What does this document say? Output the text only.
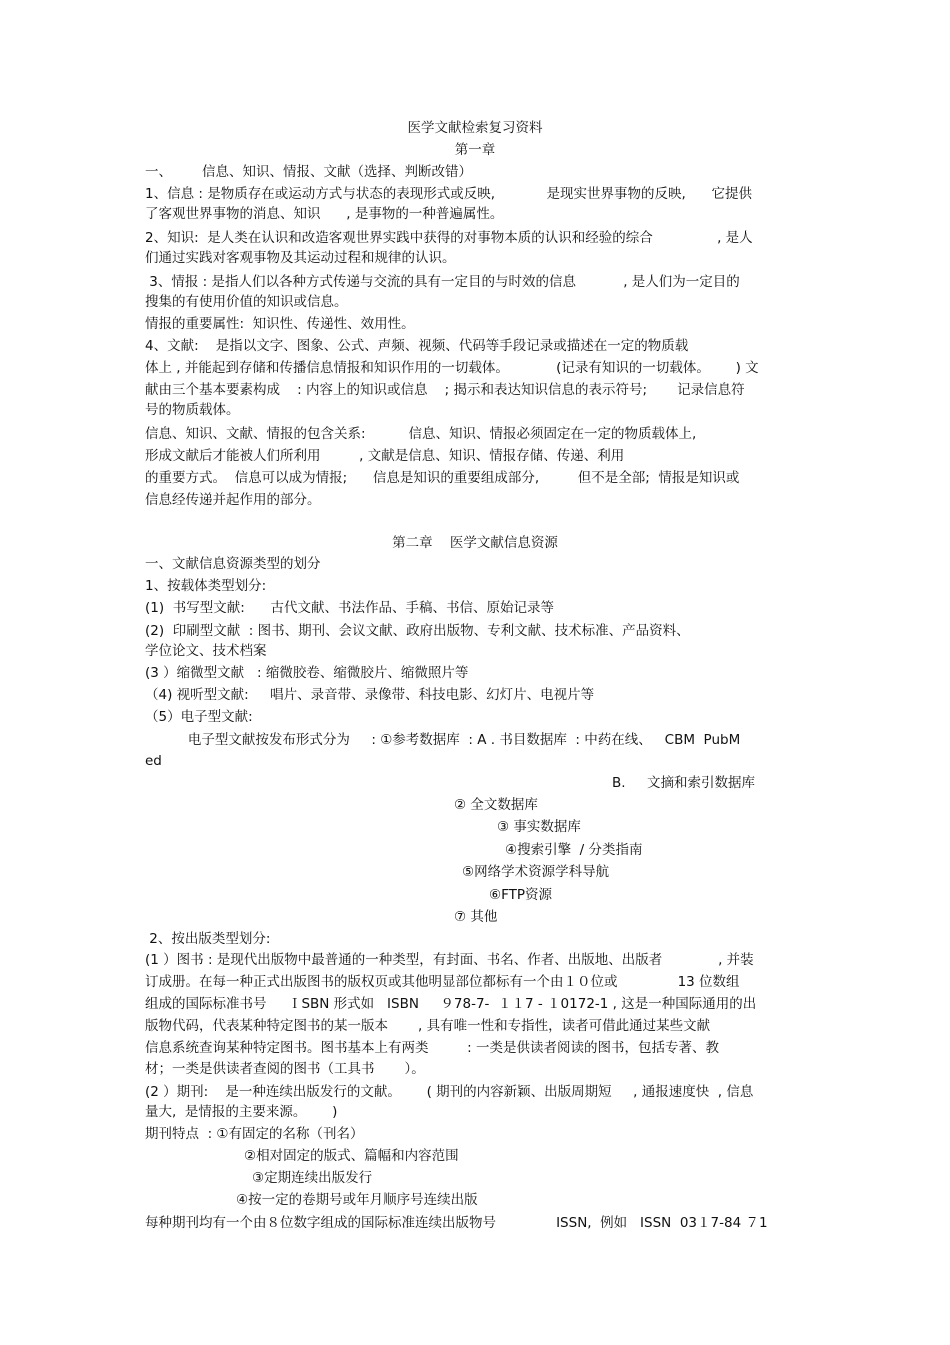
医学文献检索复习资料
第一章
一、       信息、知识、情报、文献（选择、判断改错）
1、信息 : 是物质存在或运动方式与状态的表现形式或反映,            是现实世界事物的反映,      它提供
了客观世界事物的消息、知识      , 是事物的一种普遍属性。
2、知识:  是人类在认识和改造客观世界实践中获得的对事物本质的认识和经验的综合               , 是人
们通过实践对客观事物及其运动过程和规律的认识。
3、情报 : 是指人们以各种方式传递与交流的具有一定目的与时效的信息           , 是人们为一定目的
搜集的有使用价值的知识或信息。
情报的重要属性:  知识性、传递性、效用性。
4、文献:    是指以文字、图象、公式、声频、视频、代码等手段记录或描述在一定的物质载
体上 , 并能起到存储和传播信息情报和知识作用的一切载体。           (记录有知识的一切载体。      ) 文
献由三个基本要素构成    : 内容上的知识或信息    ; 揭示和表达知识信息的表示符号;       记录信息符
号的物质载体。
信息、知识、文献、情报的包含关系:          信息、知识、情报必须固定在一定的物质载体上,
形成文献后才能被人们所利用         , 文献是信息、知识、情报存储、传递、利用
的重要方式。  信息可以成为情报;      信息是知识的重要组成部分,         但不是全部;  情报是知识或
信息经传递并起作用的部分。
第二章    医学文献信息资源
一、文献信息资源类型的划分
1、按载体类型划分:
(1)  书写型文献:      古代文献、书法作品、手稿、书信、原始记录等
(2)  印刷型文献  : 图书、期刊、会议文献、政府出版物、专利文献、技术标准、产品资料、
学位论文、技术档案
(3 ）缩微型文献   : 缩微胶卷、缩微胶片、缩微照片等
（4) 视听型文献:     唱片、录音带、录像带、科技电影、幻灯片、电视片等
（5）电子型文献:
电子型文献按发布形式分为     : ①参考数据库  : A . 书目数据库  : 中药在线、   CBM  PubM
ed
B.     文摘和索引数据库
② 全文数据库
③ 事实数据库
④搜索引擎  / 分类指南
⑤网络学术资源学科导航
⑥FTP资源
⑦ 其他
2、按出版类型划分:
(1 ）图书 : 是现代出版物中最普通的一种类型，有封面、书名、作者、出版地、出版者             , 并装
订成册。在每一种正式出版图书的版权页或其他明显部位都标有一个由１０位或              13 位数组
组成的国际标准书号     ＩSBN 形式如   ISBN     ９78-7-  １１7 - １0172-1 , 这是一种国际通用的出
版物代码，代表某种特定图书的某一版本       , 具有唯一性和专指性，读者可借此通过某些文献
信息系统查询某种特定图书。图书基本上有两类         : 一类是供读者阅读的图书，包括专著、教
材；一类是供读者查阅的图书（工具书       ）。
(2 ）期刊:    是一种连续出版发行的文献。      ( 期刊的内容新颖、出版周期短     , 通报速度快  , 信息
量大,  是情报的主要来源。      )
期刊特点  : ①有固定的名称（刊名）
②相对固定的版式、篇幅和内容范围
③定期连续出版发行
④按一定的卷期号或年月顺序号连续出版
每种期刊均有一个由８位数字组成的国际标准连续出版物号              ISSN,  例如   ISSN  03１7-84 ７1
